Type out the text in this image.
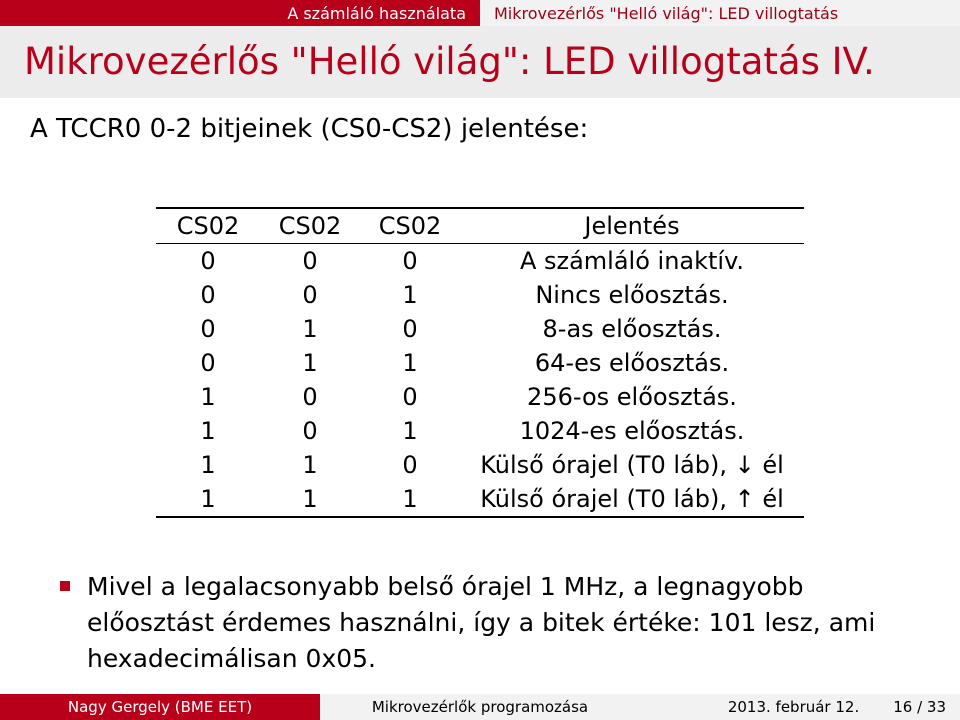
A számláló használata Mikrovezérlős "Helló világ": LED villogtatás
Mikrovezérlős "Helló világ": LED villogtatás IV.
A TCCR0 0-2 bitjeinek (CS0-CS2) jelentése:
CS02	CS02	CS02	Jelentés
0	0	0	A számláló inaktív.
0	0	1	Nincs előosztás.
0	1	0	8-as előosztás.
0	1	1	64-es előosztás.
1	0	0	256-os előosztás.
1	0	1	1024-es előosztás.
1	1	0	Külső órajel (T0 láb), ↓ él
1	1	1	Külső órajel (T0 láb), ↑ él
Mivel a legalacsonyabb belső órajel 1 MHz, a legnagyobb előosztást érdemes használni, így a bitek értéke: 101 lesz, ami hexadecimálisan 0x05.
Nagy Gergely (BME EET)	Mikrovezérlők programozása	2013. február 12. 16 / 33
